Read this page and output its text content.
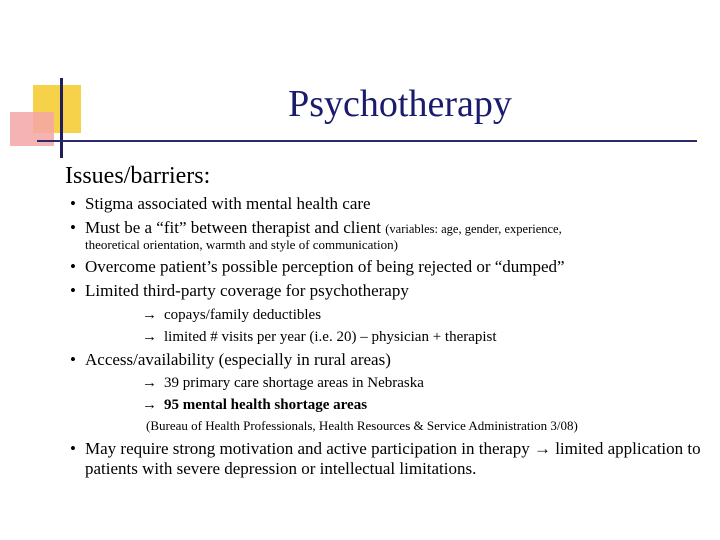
Psychotherapy
Issues/barriers:
• Stigma associated with mental health care
• Must be a “fit” between therapist and client (variables: age, gender, experience,
theoretical orientation, warmth and style of communication)
• Overcome patient’s possible perception of being rejected or “dumped”
• Limited third-party coverage for psychotherapy
→ copays/family deductibles
→ limited # visits per year (i.e. 20) – physician + therapist
• Access/availability (especially in rural areas)
→ 39 primary care shortage areas in Nebraska
→ 95 mental health shortage areas
(Bureau of Health Professionals, Health Resources & Service Administration 3/08)
• May require strong motivation and active participation in therapy → limited application to patients with severe depression or intellectual limitations.
